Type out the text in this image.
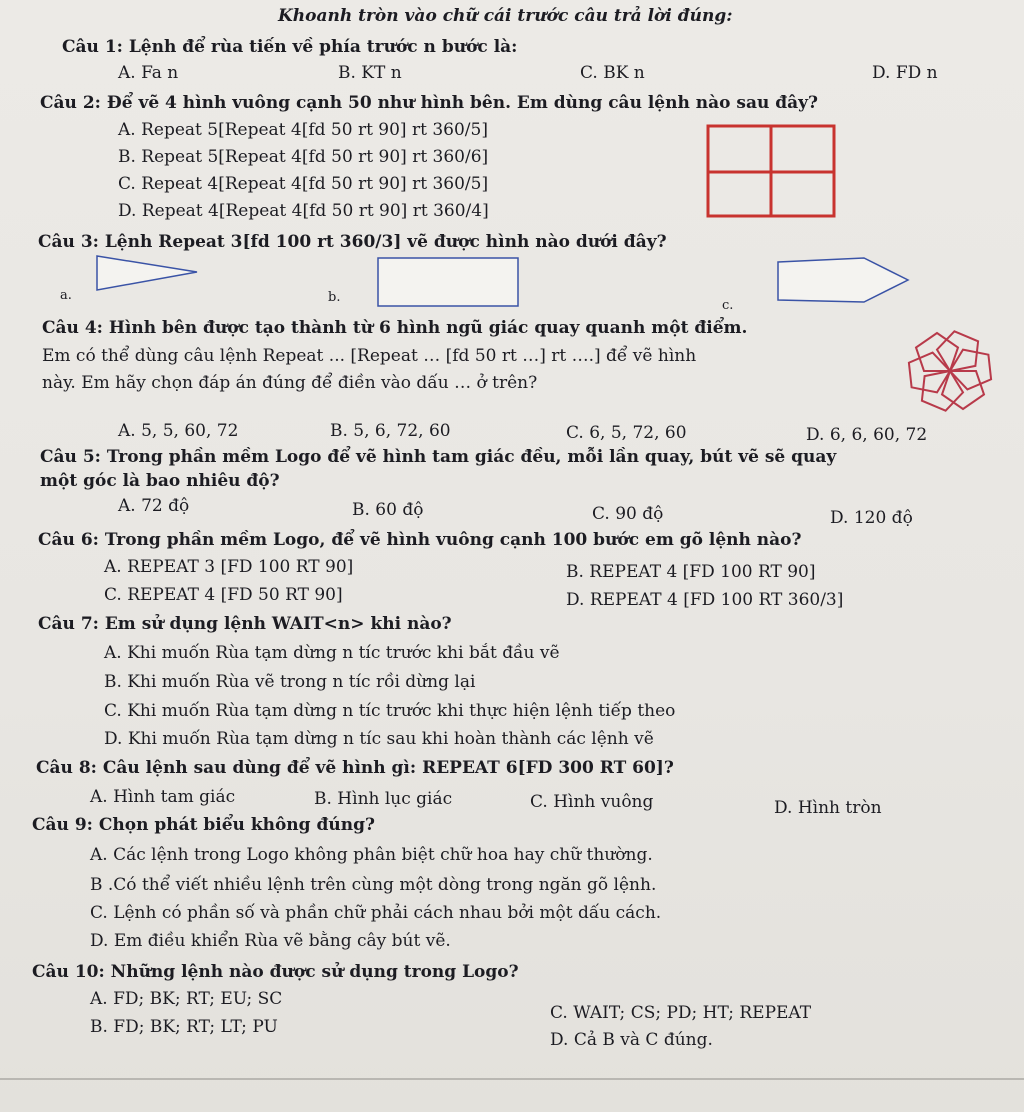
Khoanh tròn vào chữ cái trước câu trả lời đúng:
Câu 1: Lệnh để rùa tiến về phía trước n bước là:
A. Fa n	B. KT n	C. BK n	D. FD n
Câu 2: Để vẽ 4 hình vuông cạnh 50 như hình bên. Em dùng câu lệnh nào sau đây?
A. Repeat 5[Repeat 4[fd 50 rt 90] rt 360/5]
B. Repeat 5[Repeat 4[fd 50 rt 90] rt 360/6]
C. Repeat 4[Repeat 4[fd 50 rt 90] rt 360/5]
D. Repeat 4[Repeat 4[fd 50 rt 90] rt 360/4]
Câu 3: Lệnh Repeat 3[fd 100 rt 360/3] vẽ được hình nào dưới đây?
a.	b.
c.
Câu 4: Hình bên được tạo thành từ 6 hình ngũ giác quay quanh một điểm.
Em có thể dùng câu lệnh Repeat ... [Repeat … [fd 50 rt …] rt ….] để vẽ hình
này. Em hãy chọn đáp án đúng để điền vào dấu … ở trên?
A. 5, 5, 60, 72	B. 5, 6, 72, 60	C. 6, 5, 72, 60	D. 6, 6, 60, 72
Câu 5: Trong phần mềm Logo để vẽ hình tam giác đều, mỗi lần quay, bút vẽ sẽ quay
một góc là bao nhiêu độ?
A. 72 độ	B. 60 độ	C. 90 độ	D. 120 độ
Câu 6: Trong phần mềm Logo, để vẽ hình vuông cạnh 100 bước em gõ lệnh nào?
A. REPEAT 3 [FD 100 RT 90]	B. REPEAT 4 [FD 100 RT 90]
C. REPEAT 4 [FD 50 RT 90]	D. REPEAT 4 [FD 100 RT 360/3]
Câu 7: Em sử dụng lệnh WAIT<n> khi nào?
A. Khi muốn Rùa tạm dừng n tíc trước khi bắt đầu vẽ
B. Khi muốn Rùa vẽ trong n tíc rồi dừng lại
C. Khi muốn Rùa tạm dừng n tíc trước khi thực hiện lệnh tiếp theo
D. Khi muốn Rùa tạm dừng n tíc sau khi hoàn thành các lệnh vẽ
Câu 8: Câu lệnh sau dùng để vẽ hình gì: REPEAT 6[FD 300 RT 60]?
A. Hình tam giác	B. Hình lục giác	C. Hình vuông	D. Hình tròn
Câu 9: Chọn phát biểu không đúng?
A. Các lệnh trong Logo không phân biệt chữ hoa hay chữ thường.
B .Có thể viết nhiều lệnh trên cùng một dòng trong ngăn gõ lệnh.
C. Lệnh có phần số và phần chữ phải cách nhau bởi một dấu cách.
D. Em điều khiển Rùa vẽ bằng cây bút vẽ.
Câu 10: Những lệnh nào được sử dụng trong Logo?
A. FD; BK; RT; EU; SC
B. FD; BK; RT; LT; PU
C. WAIT; CS; PD; HT; REPEAT
D. Cả B và C đúng.
